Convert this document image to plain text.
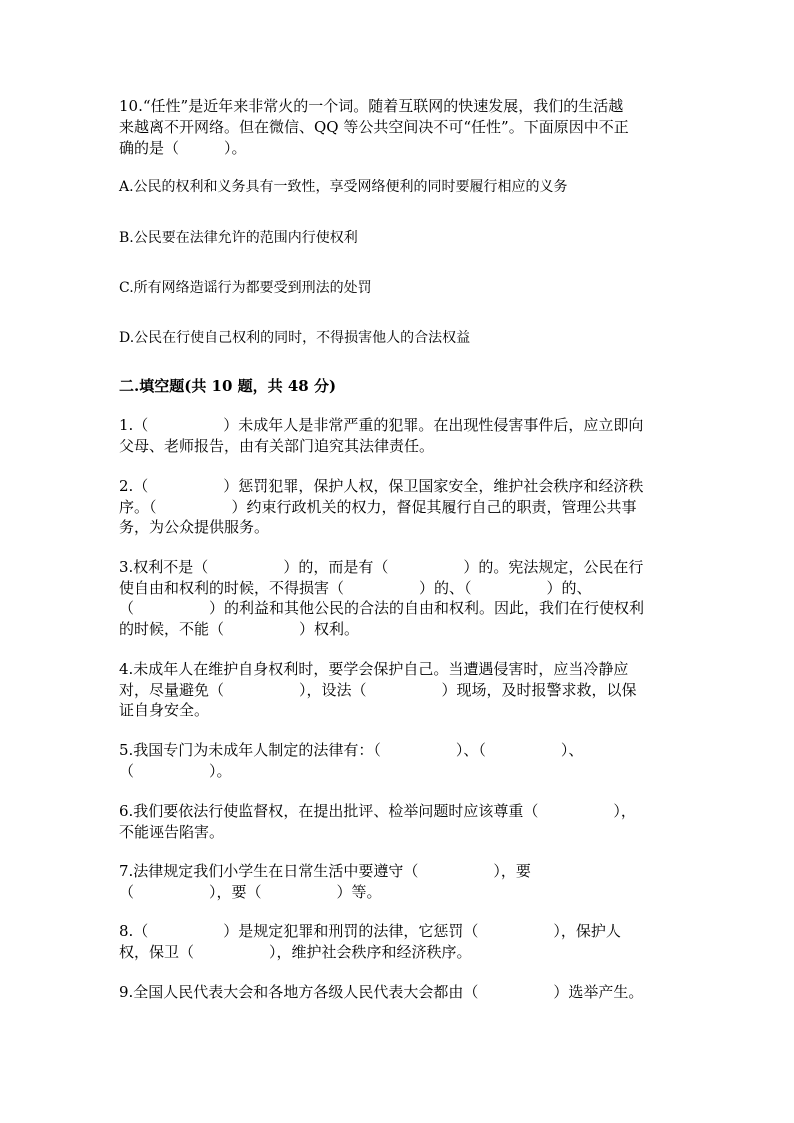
10.“任性”是近年来非常火的一个词。随着互联网的快速发展，我们的生活越
来越离不开网络。但在微信、QQ 等公共空间决不可“任性”。下面原因中不正
确的是（　　　）。
A.公民的权利和义务具有一致性，享受网络便利的同时要履行相应的义务
B.公民要在法律允许的范围内行使权利
C.所有网络造谣行为都要受到刑法的处罚
D.公民在行使自己权利的同时，不得损害他人的合法权益
二.填空题(共 10 题，共 48 分)
1.（　　　　　）未成年人是非常严重的犯罪。在出现性侵害事件后，应立即向
父母、老师报告，由有关部门追究其法律责任。
2.（　　　　　）惩罚犯罪，保护人权，保卫国家安全，维护社会秩序和经济秩
序。（　　　　　）约束行政机关的权力，督促其履行自己的职责，管理公共事
务，为公众提供服务。
3.权利不是（　　　　　）的，而是有（　　　　　）的。宪法规定，公民在行
使自由和权利的时候，不得损害（　　　　　）的、（　　　　　）的、
（　　　　　）的利益和其他公民的合法的自由和权利。因此，我们在行使权利
的时候，不能（　　　　　）权利。
4.未成年人在维护自身权利时，要学会保护自己。当遭遇侵害时，应当冷静应
对，尽量避免（　　　　　），设法（　　　　　）现场，及时报警求救，以保
证自身安全。
5.我国专门为未成年人制定的法律有：（　　　　　）、（　　　　　）、
（　　　　　）。
6.我们要依法行使监督权，在提出批评、检举问题时应该尊重（　　　　　），
不能诬告陷害。
7.法律规定我们小学生在日常生活中要遵守（　　　　　），要
（　　　　　），要（　　　　　）等。
8.（　　　　　）是规定犯罪和刑罚的法律，它惩罚（　　　　　），保护人
权，保卫（　　　　　），维护社会秩序和经济秩序。
9.全国人民代表大会和各地方各级人民代表大会都由（　　　　　）选举产生。
